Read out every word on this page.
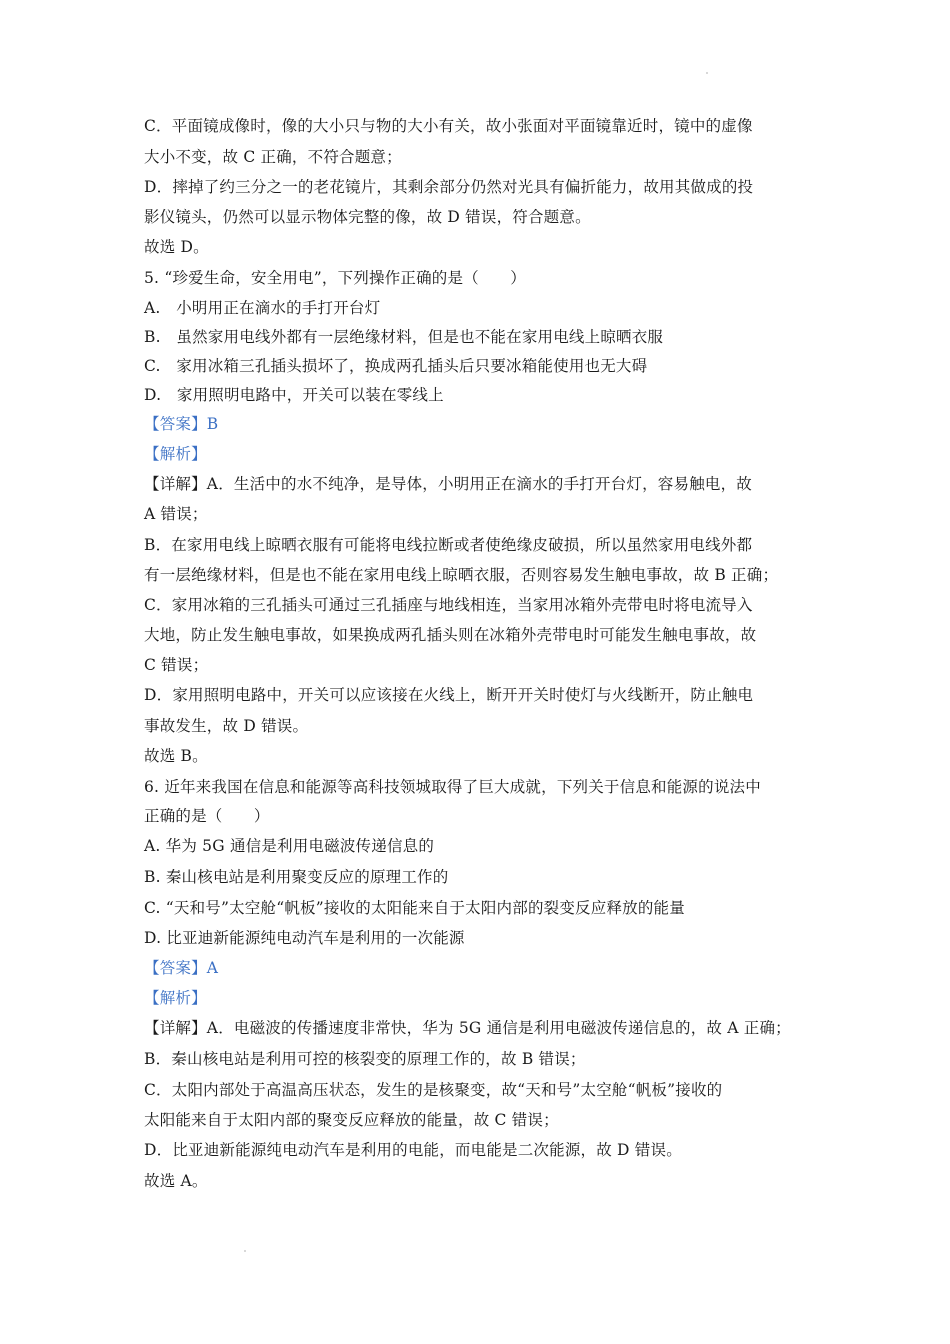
C．平面镜成像时，像的大小只与物的大小有关，故小张面对平面镜靠近时，镜中的虚像
大小不变，故 C 正确，不符合题意；
D．摔掉了约三分之一的老花镜片，其剩余部分仍然对光具有偏折能力，故用其做成的投
影仪镜头，仍然可以显示物体完整的像，故 D 错误，符合题意。
故选 D。
5. “珍爱生命，安全用电”，下列操作正确的是（　　）
A.　小明用正在滴水的手打开台灯
B.　虽然家用电线外都有一层绝缘材料，但是也不能在家用电线上晾晒衣服
C.　家用冰箱三孔插头损坏了，换成两孔插头后只要冰箱能使用也无大碍
D.　家用照明电路中，开关可以装在零线上
【答案】B
【解析】
【详解】A．生活中的水不纯净，是导体，小明用正在滴水的手打开台灯，容易触电，故
A 错误；
B．在家用电线上晾晒衣服有可能将电线拉断或者使绝缘皮破损，所以虽然家用电线外都
有一层绝缘材料，但是也不能在家用电线上晾晒衣服，否则容易发生触电事故，故 B 正确；
C．家用冰箱的三孔插头可通过三孔插座与地线相连，当家用冰箱外壳带电时将电流导入
大地，防止发生触电事故，如果换成两孔插头则在冰箱外壳带电时可能发生触电事故，故
C 错误；
D．家用照明电路中，开关可以应该接在火线上，断开开关时使灯与火线断开，防止触电
事故发生，故 D 错误。
故选 B。
6. 近年来我国在信息和能源等高科技领城取得了巨大成就，下列关于信息和能源的说法中
正确的是（　　）
A. 华为 5G 通信是利用电磁波传递信息的
B. 秦山核电站是利用聚变反应的原理工作的
C. “天和号”太空舱“帆板”接收的太阳能来自于太阳内部的裂变反应释放的能量
D. 比亚迪新能源纯电动汽车是利用的一次能源
【答案】A
【解析】
【详解】A．电磁波的传播速度非常快，华为 5G 通信是利用电磁波传递信息的，故 A 正确；
B．秦山核电站是利用可控的核裂变的原理工作的，故 B 错误；
C．太阳内部处于高温高压状态，发生的是核聚变，故“天和号”太空舱“帆板”接收的
太阳能来自于太阳内部的聚变反应释放的能量，故 C 错误；
D．比亚迪新能源纯电动汽车是利用的电能，而电能是二次能源，故 D 错误。
故选 A。
